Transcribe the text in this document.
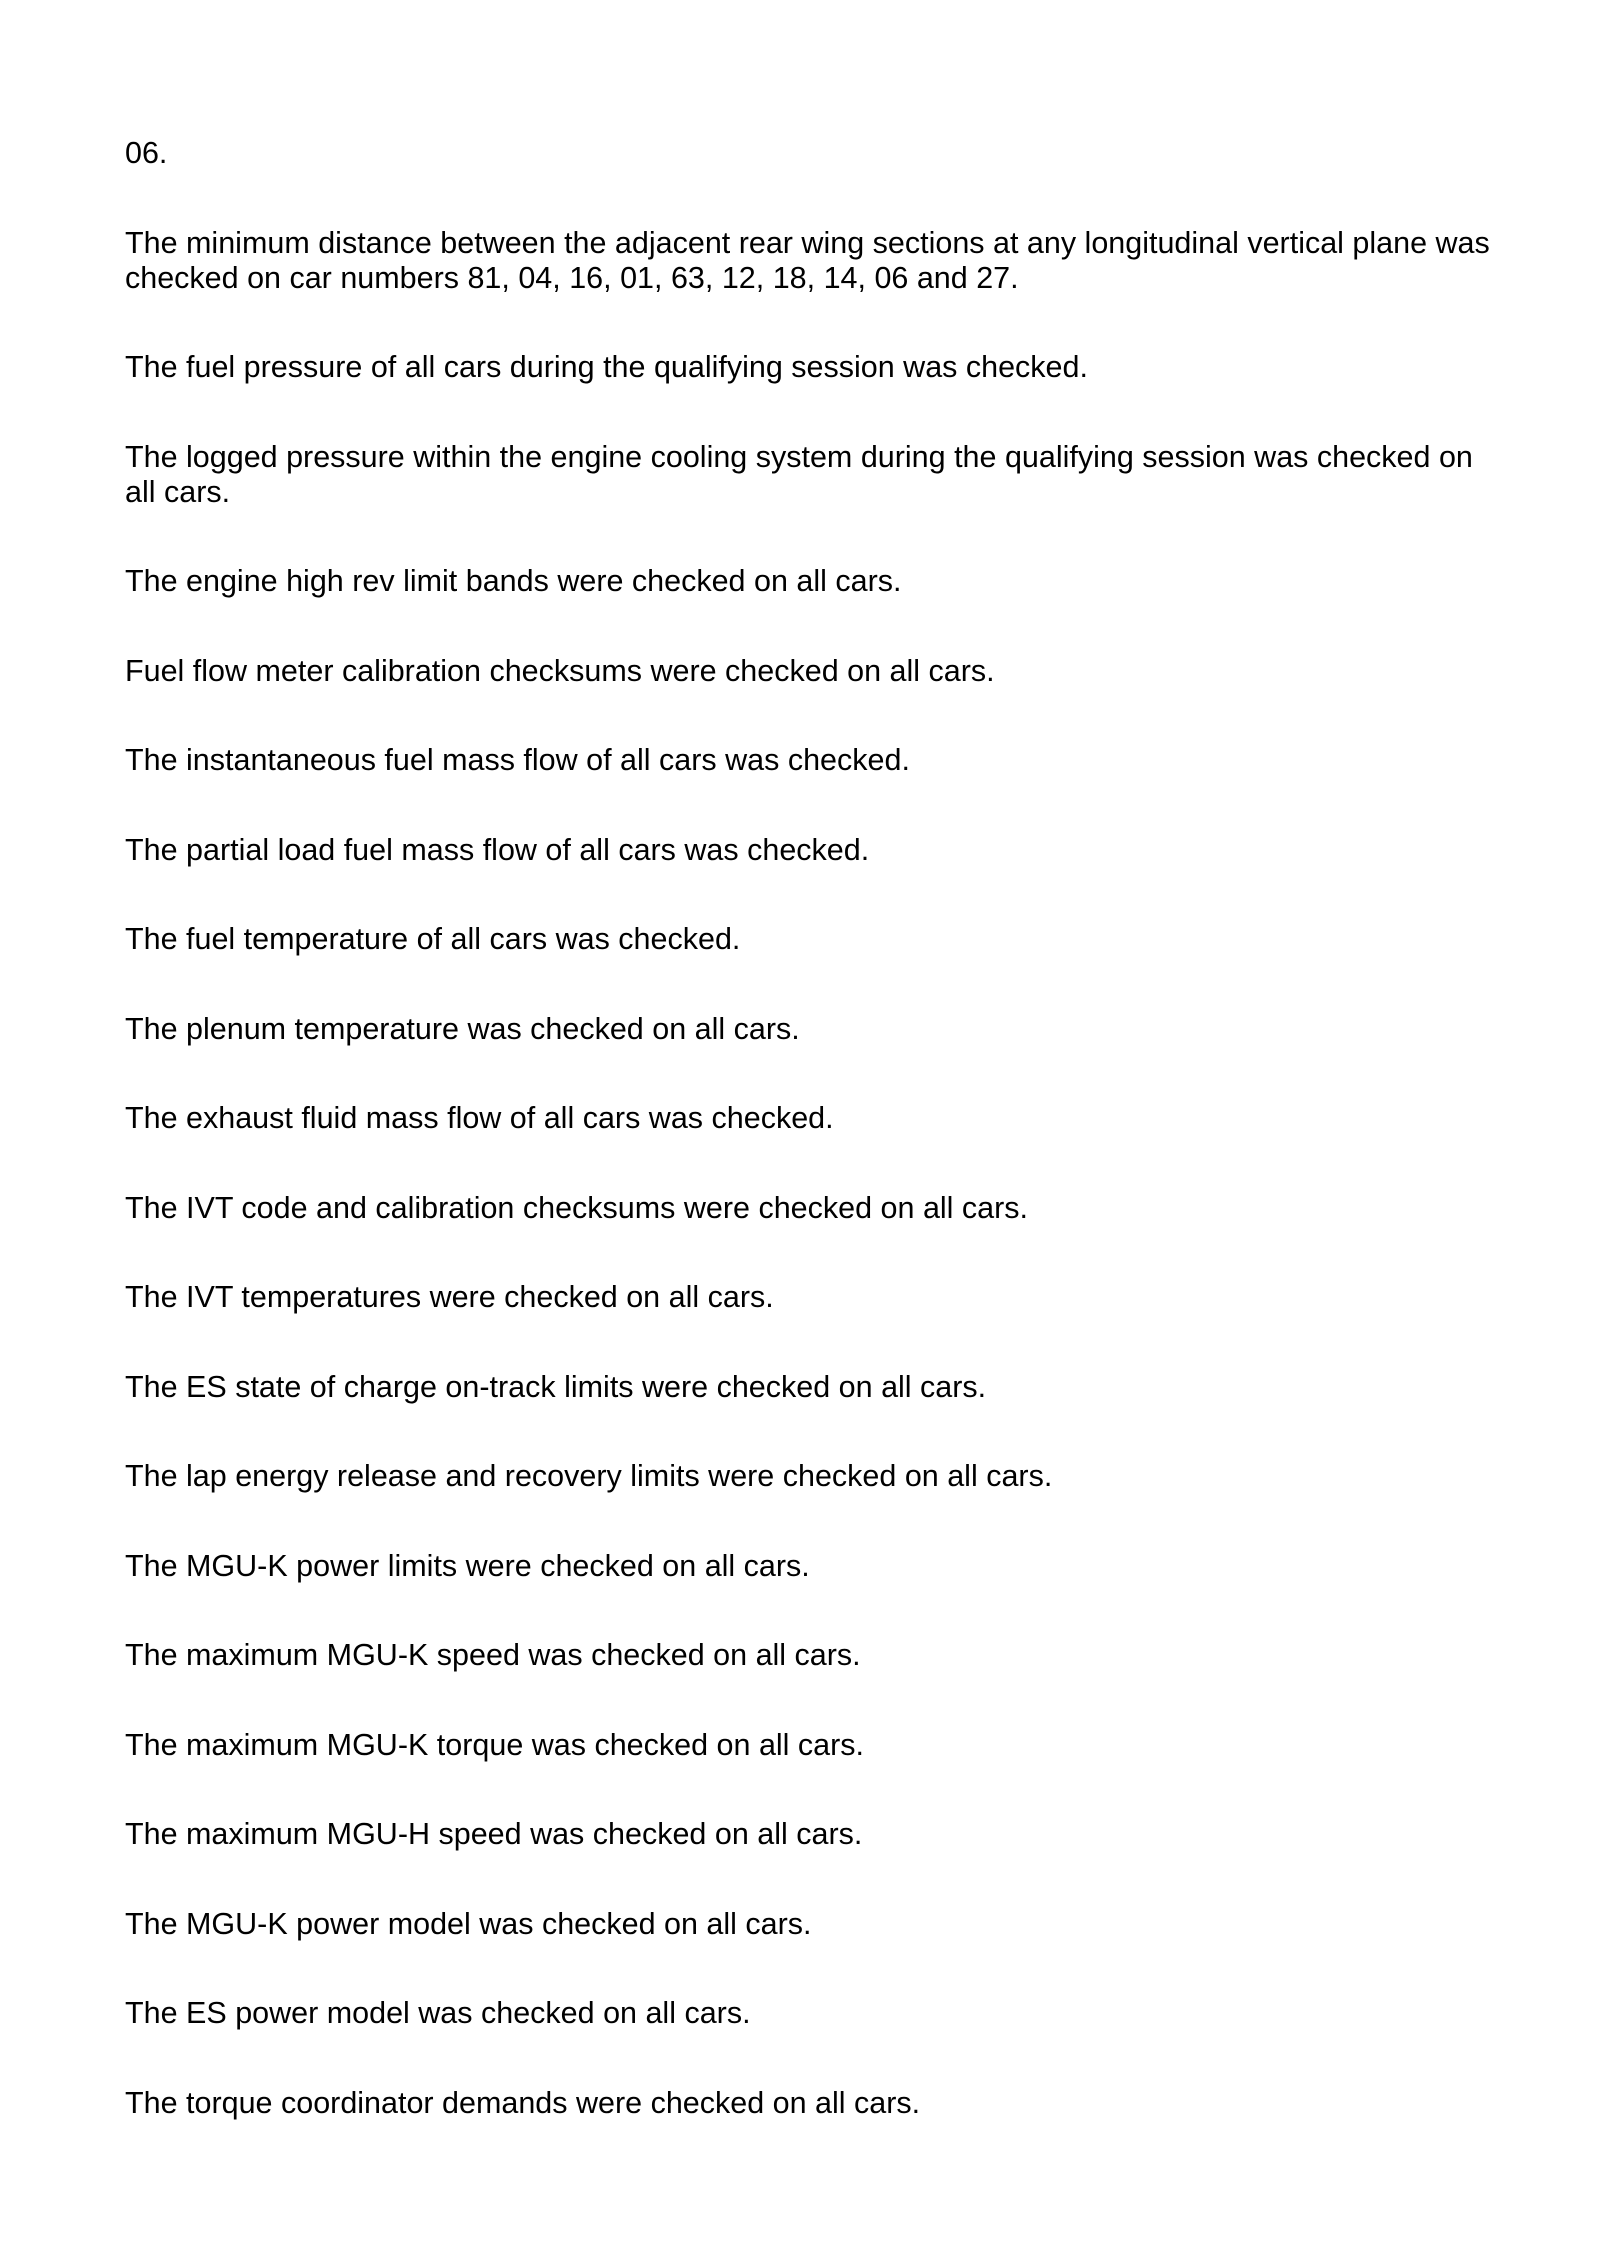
06.

The minimum distance between the adjacent rear wing sections at any longitudinal vertical plane was
checked on car numbers 81, 04, 16, 01, 63, 12, 18, 14, 06 and 27.

The fuel pressure of all cars during the qualifying session was checked.

The logged pressure within the engine cooling system during the qualifying session was checked on
all cars.

The engine high rev limit bands were checked on all cars.

Fuel flow meter calibration checksums were checked on all cars.

The instantaneous fuel mass flow of all cars was checked.

The partial load fuel mass flow of all cars was checked.

The fuel temperature of all cars was checked.

The plenum temperature was checked on all cars.

The exhaust fluid mass flow of all cars was checked.

The IVT code and calibration checksums were checked on all cars.

The IVT temperatures were checked on all cars.

The ES state of charge on-track limits were checked on all cars.

The lap energy release and recovery limits were checked on all cars.

The MGU-K power limits were checked on all cars.

The maximum MGU-K speed was checked on all cars.

The maximum MGU-K torque was checked on all cars.

The maximum MGU-H speed was checked on all cars.

The MGU-K power model was checked on all cars.

The ES power model was checked on all cars.

The torque coordinator demands were checked on all cars.
